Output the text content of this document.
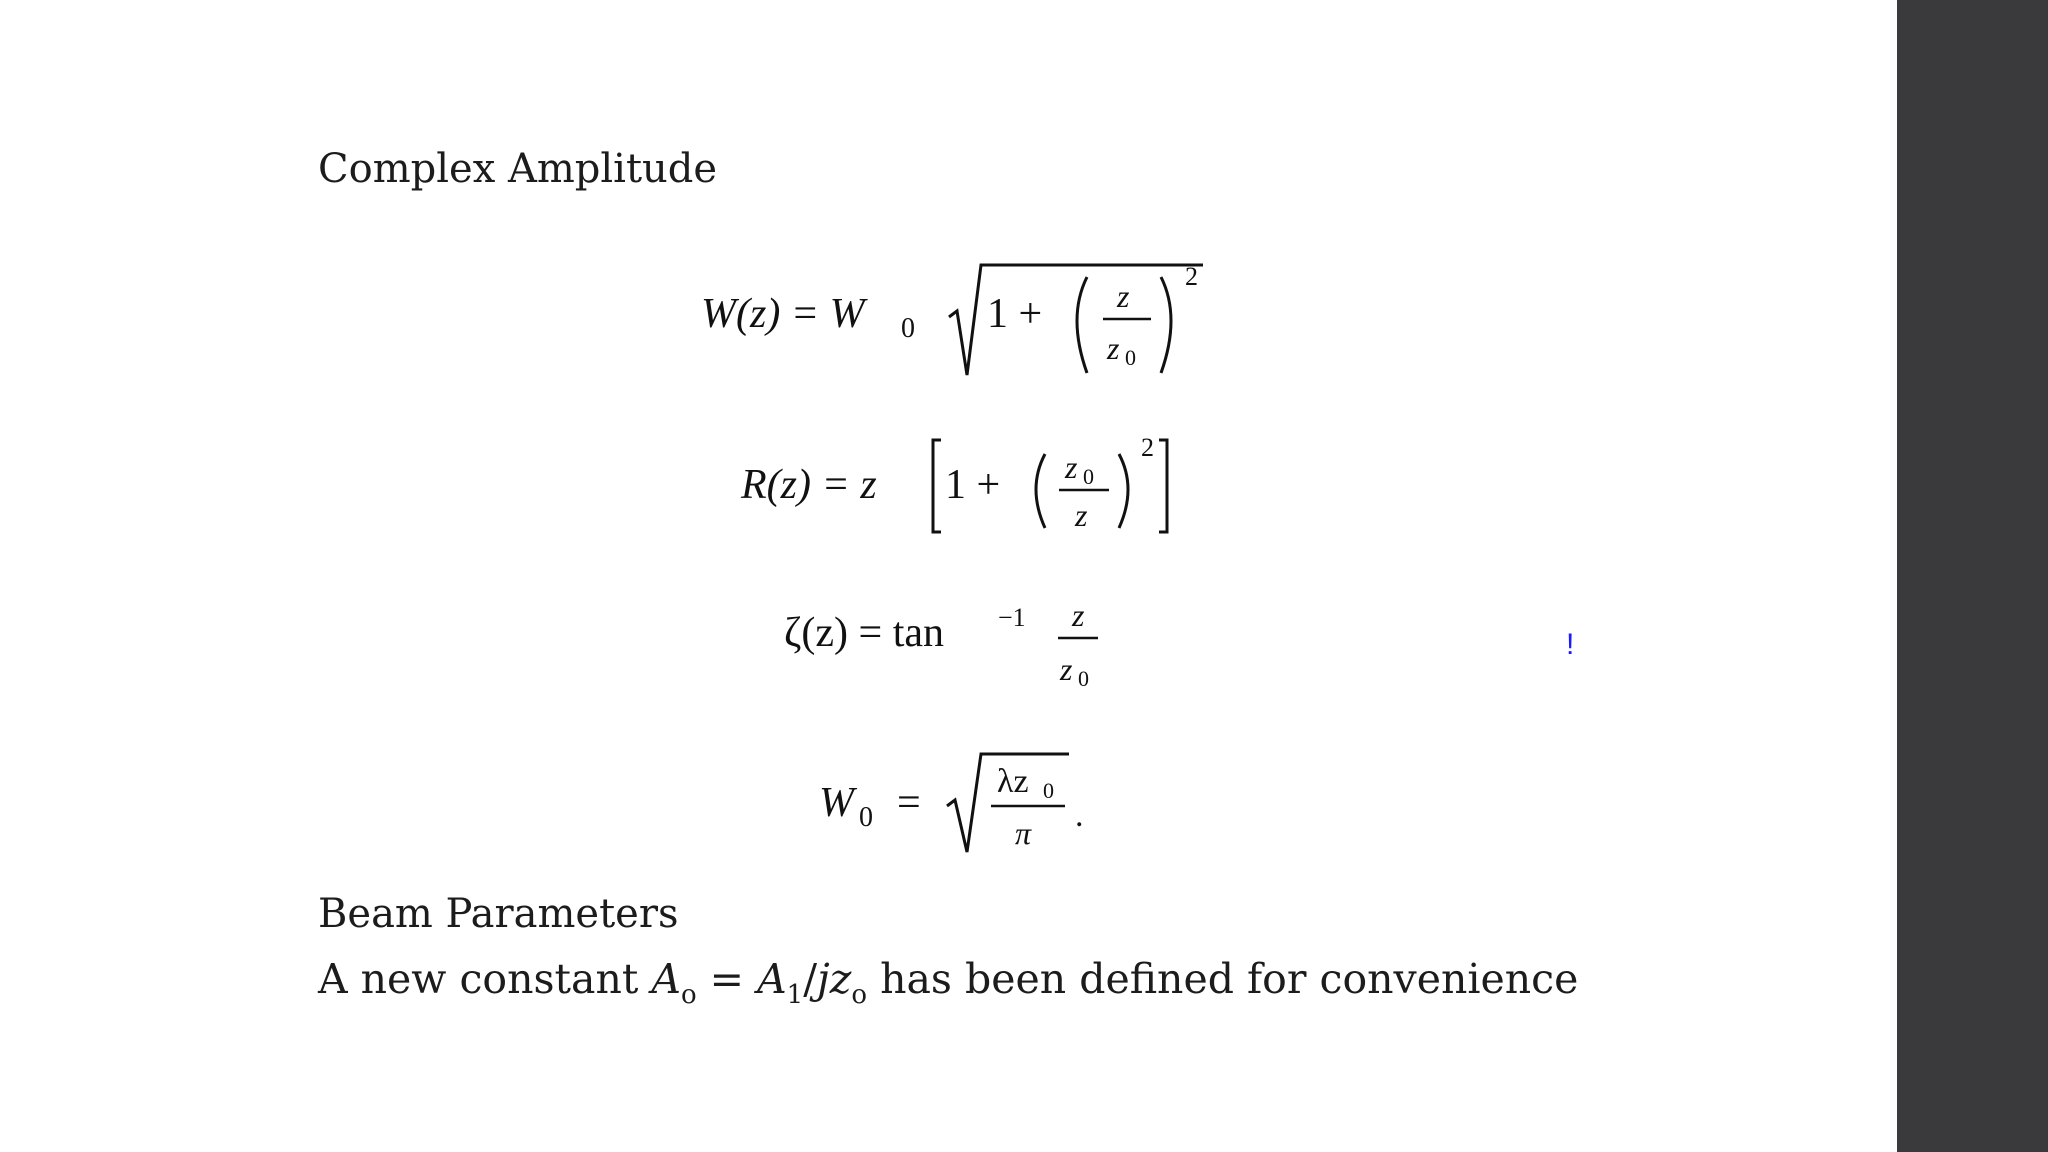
Complex Amplitude
W(z) = W 0 1 + z
z 0
2
R(z) = z 1 + z 0
z
2
ζ(z) = tan −1 z
z 0
W 0 = λz 0
π .
Beam Parameters
A new constant $A_o = A_1/jz_o$ has been defined for convenience
!
